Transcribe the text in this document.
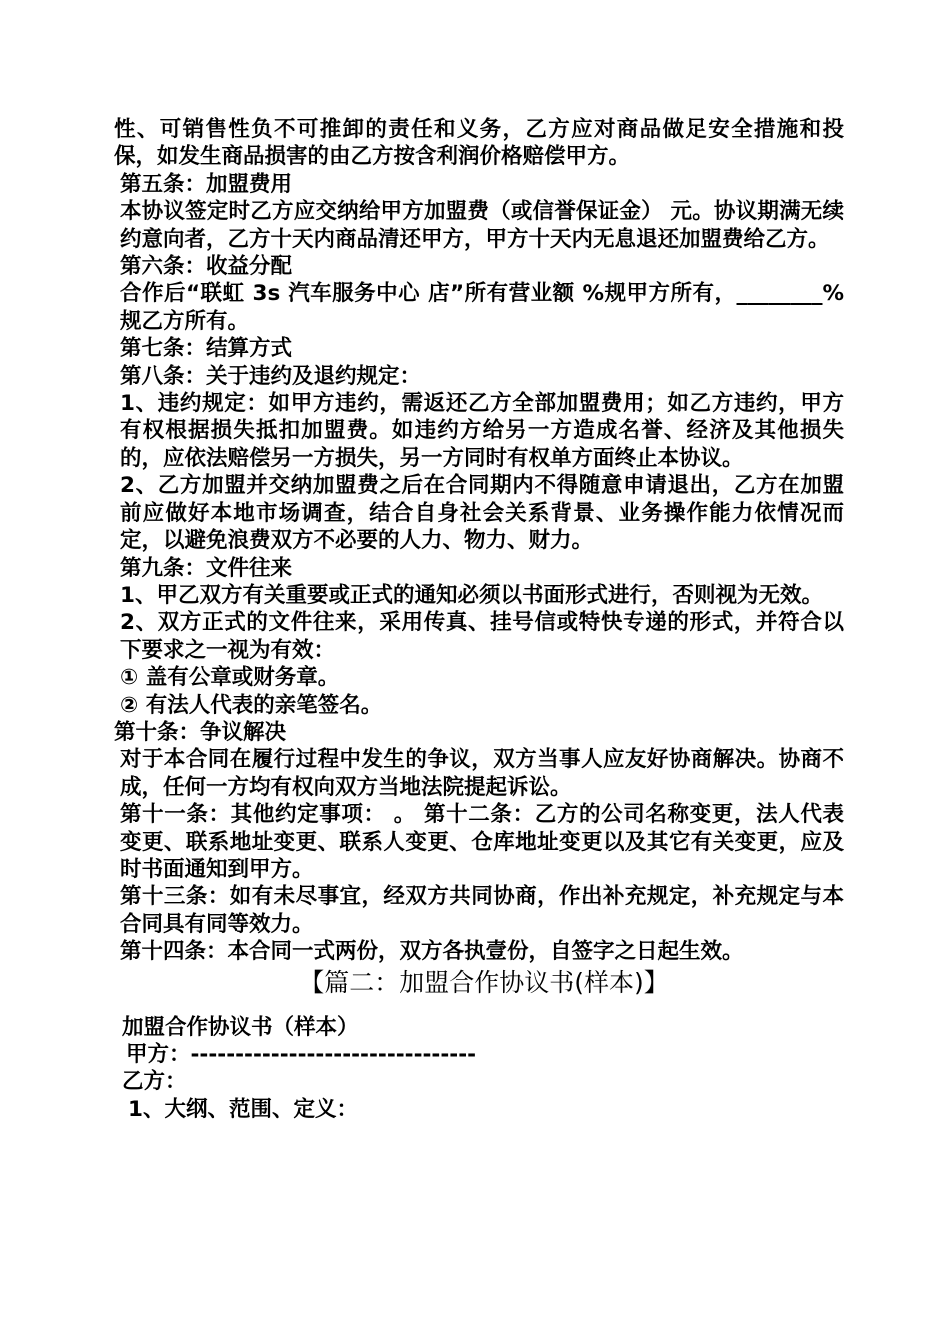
性、可销售性负不可推卸的责任和义务，乙方应对商品做足安全措施和投保，如发生商品损害的由乙方按含利润价格赔偿甲方。

第五条：加盟费用

本协议签定时乙方应交纳给甲方加盟费（或信誉保证金） 元。协议期满无续约意向者，乙方十天内商品清还甲方，甲方十天内无息退还加盟费给乙方。

第六条：收益分配

合作后“联虹 3s 汽车服务中心 店”所有营业额 %规甲方所有，________%规乙方所有。

第七条：结算方式

第八条：关于违约及退约规定：

1、违约规定：如甲方违约，需返还乙方全部加盟费用；如乙方违约，甲方有权根据损失抵扣加盟费。如违约方给另一方造成名誉、经济及其他损失的，应依法赔偿另一方损失，另一方同时有权单方面终止本协议。

2、乙方加盟并交纳加盟费之后在合同期内不得随意申请退出，乙方在加盟前应做好本地市场调查，结合自身社会关系背景、业务操作能力依情况而定，以避免浪费双方不必要的人力、物力、财力。

第九条：文件往来

1、甲乙双方有关重要或正式的通知必须以书面形式进行，否则视为无效。

2、双方正式的文件往来，采用传真、挂号信或特快专递的形式，并符合以下要求之一视为有效：

① 盖有公章或财务章。

② 有法人代表的亲笔签名。

第十条：争议解决

对于本合同在履行过程中发生的争议，双方当事人应友好协商解决。协商不成，任何一方均有权向双方当地法院提起诉讼。

第十一条：其他约定事项： 。 第十二条：乙方的公司名称变更，法人代表变更、联系地址变更、联系人变更、仓库地址变更以及其它有关变更，应及时书面通知到甲方。

第十三条：如有未尽事宜，经双方共同协商，作出补充规定，补充规定与本合同具有同等效力。

第十四条：本合同一式两份，双方各执壹份，自签字之日起生效。

【篇二：加盟合作协议书(样本)】

加盟合作协议书（样本）

甲方：--------------------------------

乙方：

1、大纲、范围、定义：
